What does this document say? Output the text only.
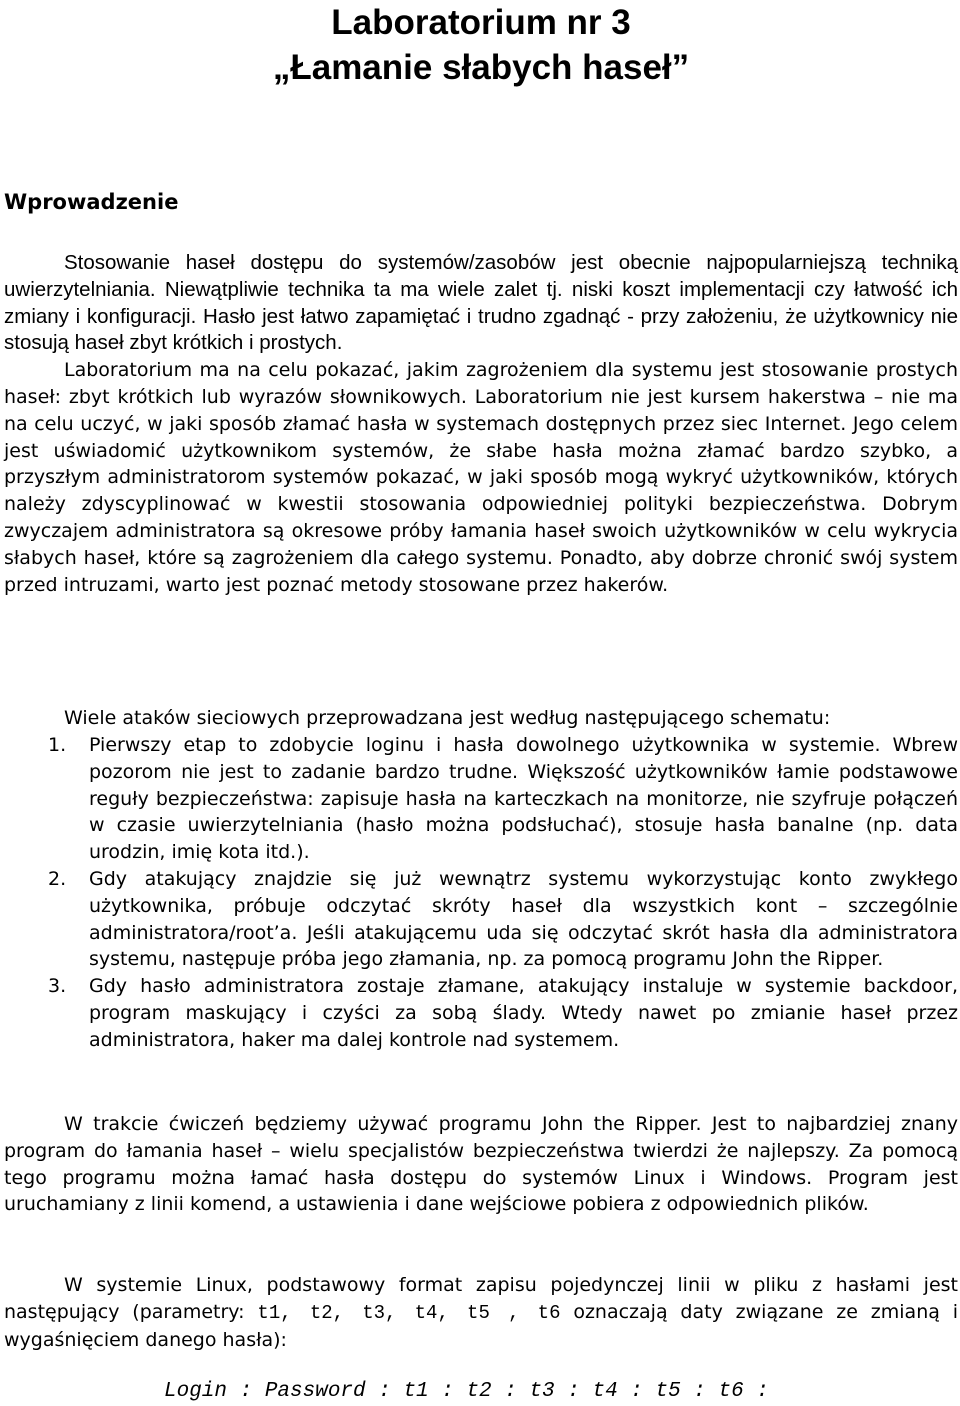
Laboratorium nr 3
„Łamanie słabych haseł”
Wprowadzenie
Stosowanie haseł dostępu do systemów/zasobów jest obecnie najpopularniejszą techniką uwierzytelniania. Niewątpliwie technika ta ma wiele zalet tj. niski koszt implementacji czy łatwość ich zmiany i konfiguracji. Hasło jest łatwo zapamiętać i trudno zgadnąć - przy założeniu, że użytkownicy nie stosują haseł zbyt krótkich i prostych.
Laboratorium ma na celu pokazać, jakim zagrożeniem dla systemu jest stosowanie prostych haseł: zbyt krótkich lub wyrazów słownikowych. Laboratorium nie jest kursem hakerstwa – nie ma na celu uczyć, w jaki sposób złamać hasła w systemach dostępnych przez siec Internet. Jego celem jest uświadomić użytkownikom systemów, że słabe hasła można złamać bardzo szybko, a przyszłym administratorom systemów pokazać, w jaki sposób mogą wykryć użytkowników, których należy zdyscyplinować w kwestii stosowania odpowiedniej polityki bezpieczeństwa. Dobrym zwyczajem administratora są okresowe próby łamania haseł swoich użytkowników w celu wykrycia słabych haseł, które są zagrożeniem dla całego systemu. Ponadto, aby dobrze chronić swój system przed intruzami, warto jest poznać metody stosowane przez hakerów.
Wiele ataków sieciowych przeprowadzana jest według następującego schematu:
1. Pierwszy etap to zdobycie loginu i hasła dowolnego użytkownika w systemie. Wbrew pozorom nie jest to zadanie bardzo trudne. Większość użytkowników łamie podstawowe reguły bezpieczeństwa: zapisuje hasła na karteczkach na monitorze, nie szyfruje połączeń w czasie uwierzytelniania (hasło można podsłuchać), stosuje hasła banalne (np. data urodzin, imię kota itd.).
2. Gdy atakujący znajdzie się już wewnątrz systemu wykorzystując konto zwykłego użytkownika, próbuje odczytać skróty haseł dla wszystkich kont – szczególnie administratora/root’a. Jeśli atakującemu uda się odczytać skrót hasła dla administratora systemu, następuje próba jego złamania, np. za pomocą programu John the Ripper.
3. Gdy hasło administratora zostaje złamane, atakujący instaluje w systemie backdoor, program maskujący i czyści za sobą ślady. Wtedy nawet po zmianie haseł przez administratora, haker ma dalej kontrole nad systemem.
W trakcie ćwiczeń będziemy używać programu John the Ripper. Jest to najbardziej znany program do łamania haseł – wielu specjalistów bezpieczeństwa twierdzi że najlepszy. Za pomocą tego programu można łamać hasła dostępu do systemów Linux i Windows. Program jest uruchamiany z linii komend, a ustawienia i dane wejściowe pobiera z odpowiednich plików.
W systemie Linux, podstawowy format zapisu pojedynczej linii w pliku z hasłami jest następujący (parametry: t1, t2, t3, t4, t5 , t6 oznaczają daty związane ze zmianą i wygaśnięciem danego hasła):
Login : Password : t1 : t2 : t3 : t4 : t5 : t6 :
